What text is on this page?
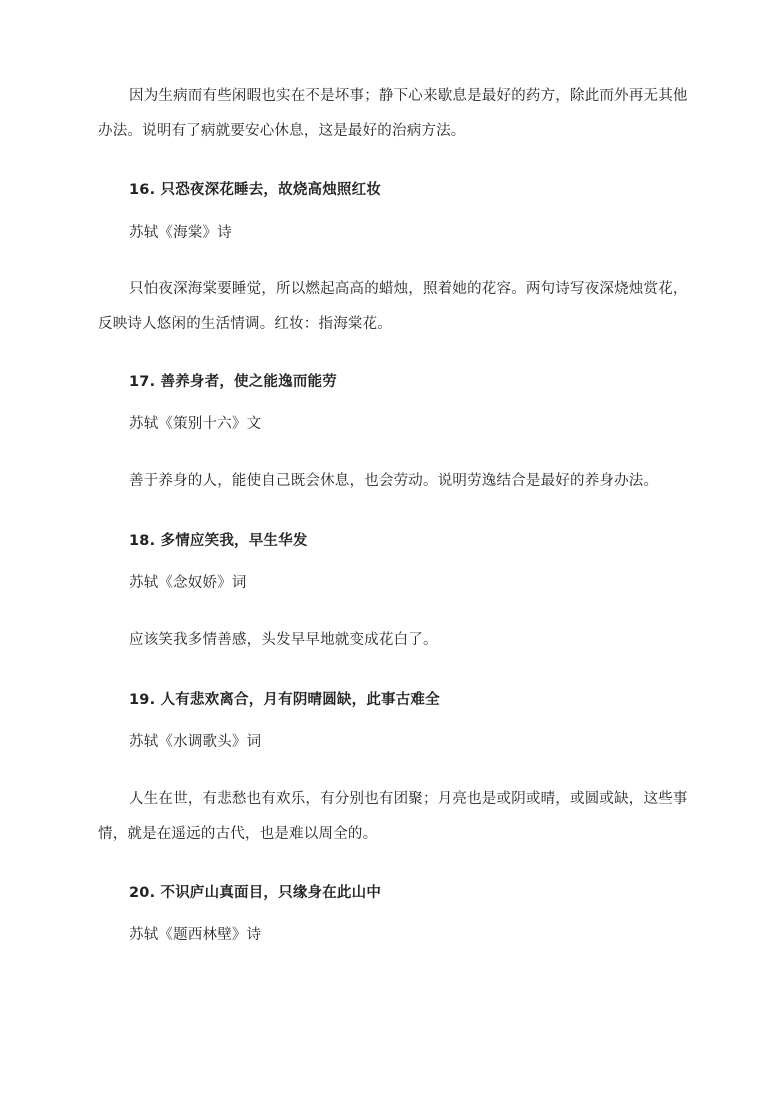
因为生病而有些闲暇也实在不是坏事；静下心来歇息是最好的药方，除此而外再无其他办法。说明有了病就要安心休息，这是最好的治病方法。

16. 只恐夜深花睡去，故烧高烛照红妆

苏轼《海棠》诗

只怕夜深海棠要睡觉，所以燃起高高的蜡烛，照着她的花容。两句诗写夜深烧烛赏花，反映诗人悠闲的生活情调。红妆：指海棠花。

17. 善养身者，使之能逸而能劳

苏轼《策别十六》文

善于养身的人，能使自己既会休息，也会劳动。说明劳逸结合是最好的养身办法。

18. 多情应笑我，早生华发

苏轼《念奴娇》词

应该笑我多情善感，头发早早地就变成花白了。

19. 人有悲欢离合，月有阴晴圆缺，此事古难全

苏轼《水调歌头》词

人生在世，有悲愁也有欢乐，有分别也有团聚；月亮也是或阴或晴，或圆或缺，这些事情，就是在遥远的古代，也是难以周全的。

20. 不识庐山真面目，只缘身在此山中

苏轼《题西林壁》诗
